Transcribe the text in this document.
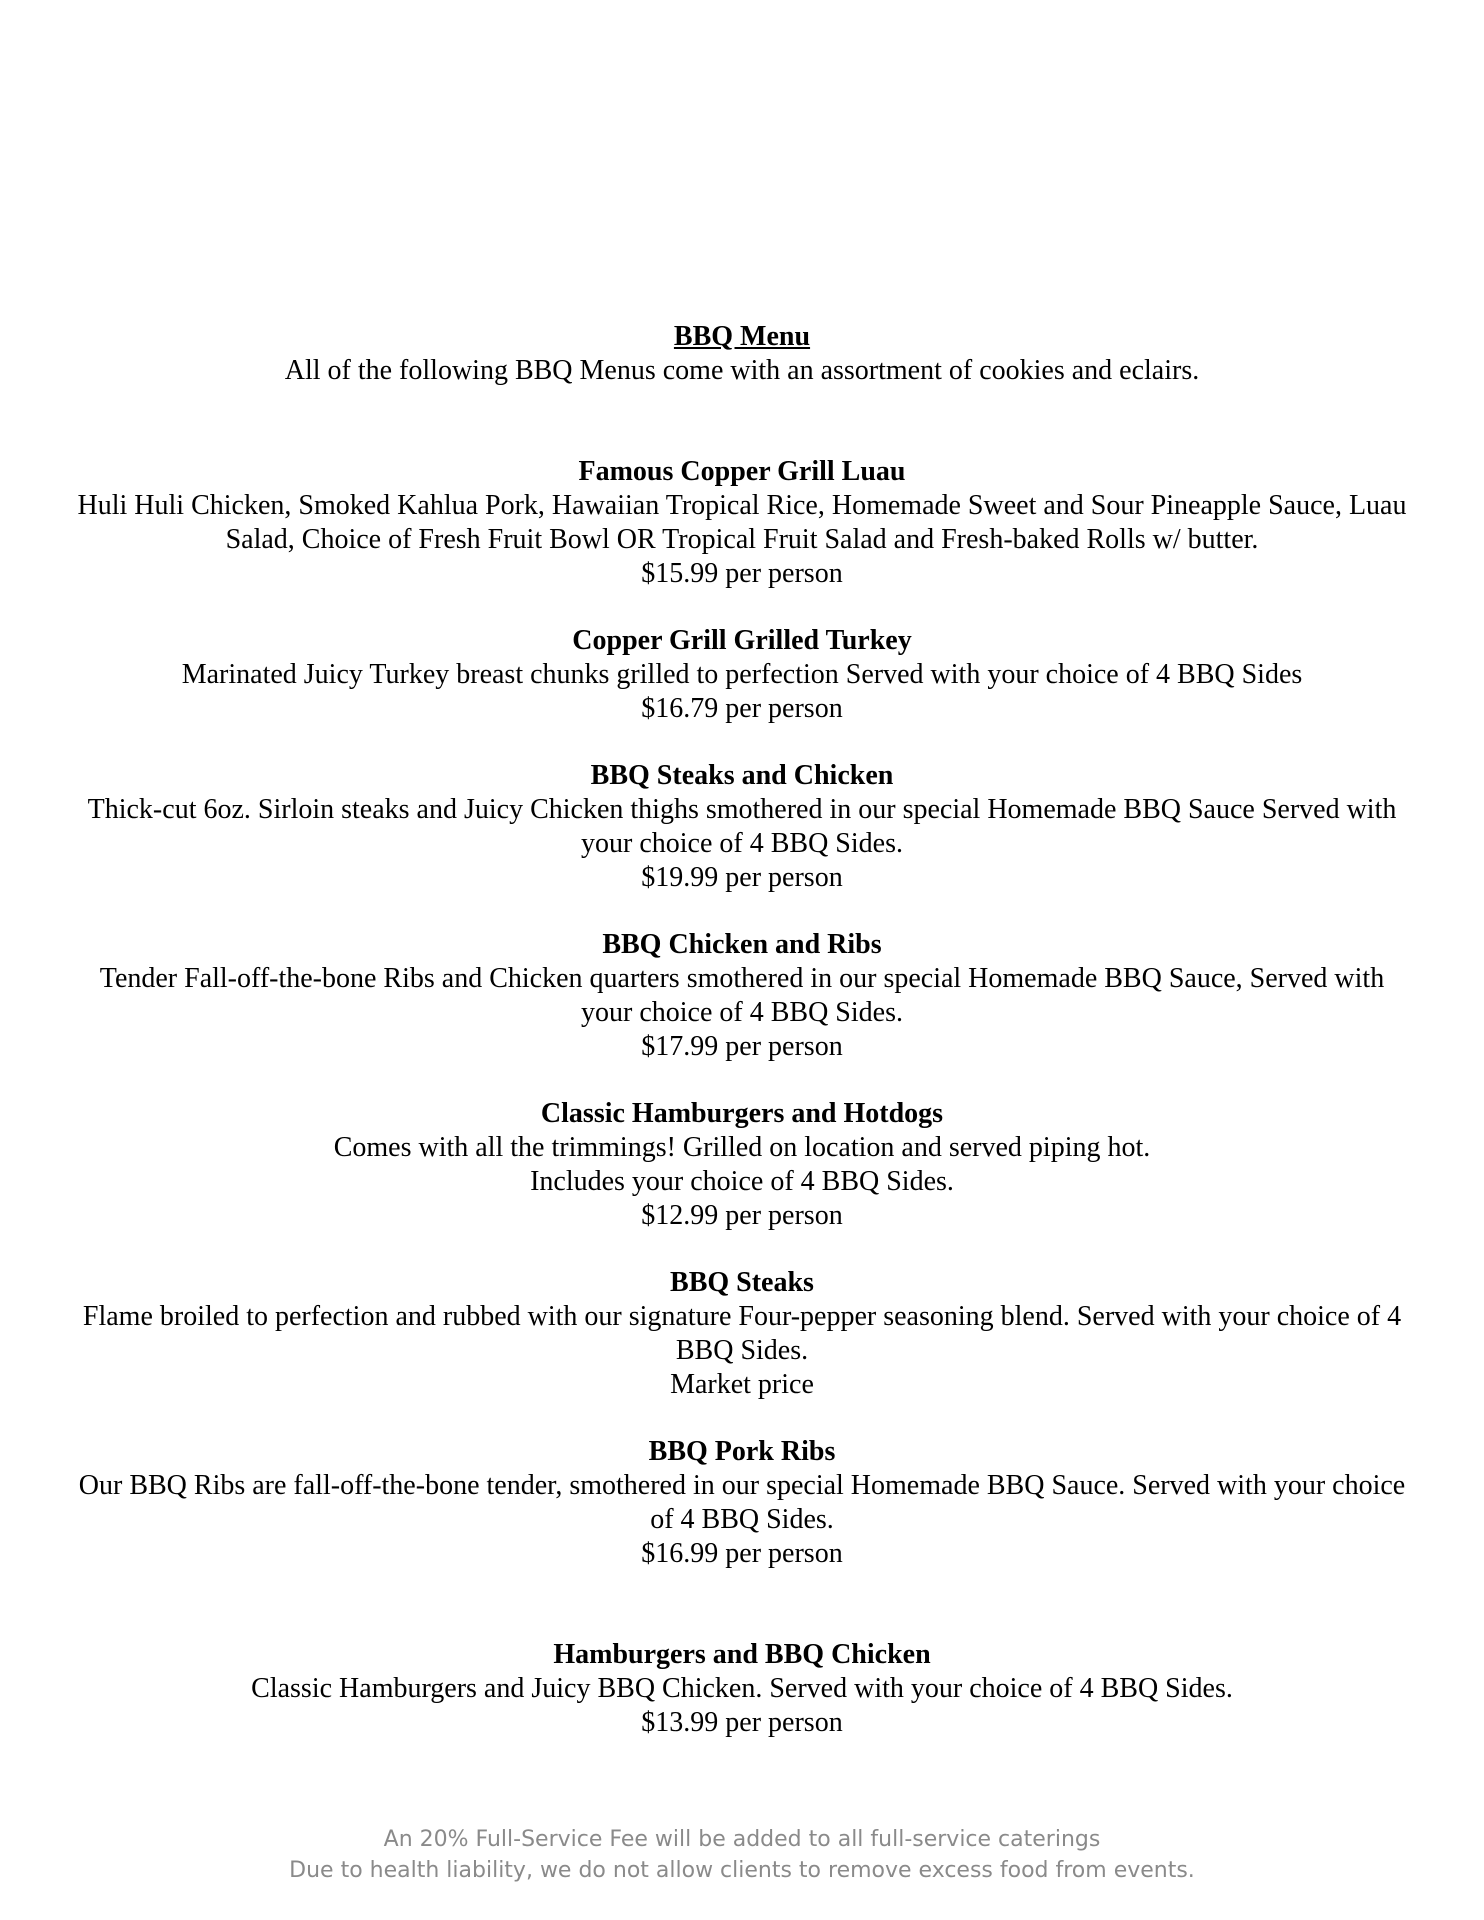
BBQ Menu

All of the following BBQ Menus come with an assortment of cookies and eclairs.

Famous Copper Grill Luau

Huli Huli Chicken, Smoked Kahlua Pork, Hawaiian Tropical Rice, Homemade Sweet and Sour Pineapple Sauce, Luau Salad, Choice of Fresh Fruit Bowl OR Tropical Fruit Salad and Fresh-baked Rolls w/ butter.

$15.99 per person

Copper Grill Grilled Turkey

Marinated Juicy Turkey breast chunks grilled to perfection Served with your choice of 4 BBQ Sides

$16.79 per person

BBQ Steaks and Chicken

Thick-cut 6oz. Sirloin steaks and Juicy Chicken thighs smothered in our special Homemade BBQ Sauce Served with your choice of 4 BBQ Sides.

$19.99 per person

BBQ Chicken and Ribs

Tender Fall-off-the-bone Ribs and Chicken quarters smothered in our special Homemade BBQ Sauce, Served with your choice of 4 BBQ Sides.

$17.99 per person

Classic Hamburgers and Hotdogs

Comes with all the trimmings! Grilled on location and served piping hot.

Includes your choice of 4 BBQ Sides.

$12.99 per person

BBQ Steaks

Flame broiled to perfection and rubbed with our signature Four-pepper seasoning blend. Served with your choice of 4 BBQ Sides.

Market price

BBQ Pork Ribs

Our BBQ Ribs are fall-off-the-bone tender, smothered in our special Homemade BBQ Sauce. Served with your choice of 4 BBQ Sides.

$16.99 per person

Hamburgers and BBQ Chicken

Classic Hamburgers and Juicy BBQ Chicken. Served with your choice of 4 BBQ Sides.

$13.99 per person

An 20% Full-Service Fee will be added to all full-service caterings

Due to health liability, we do not allow clients to remove excess food from events.
